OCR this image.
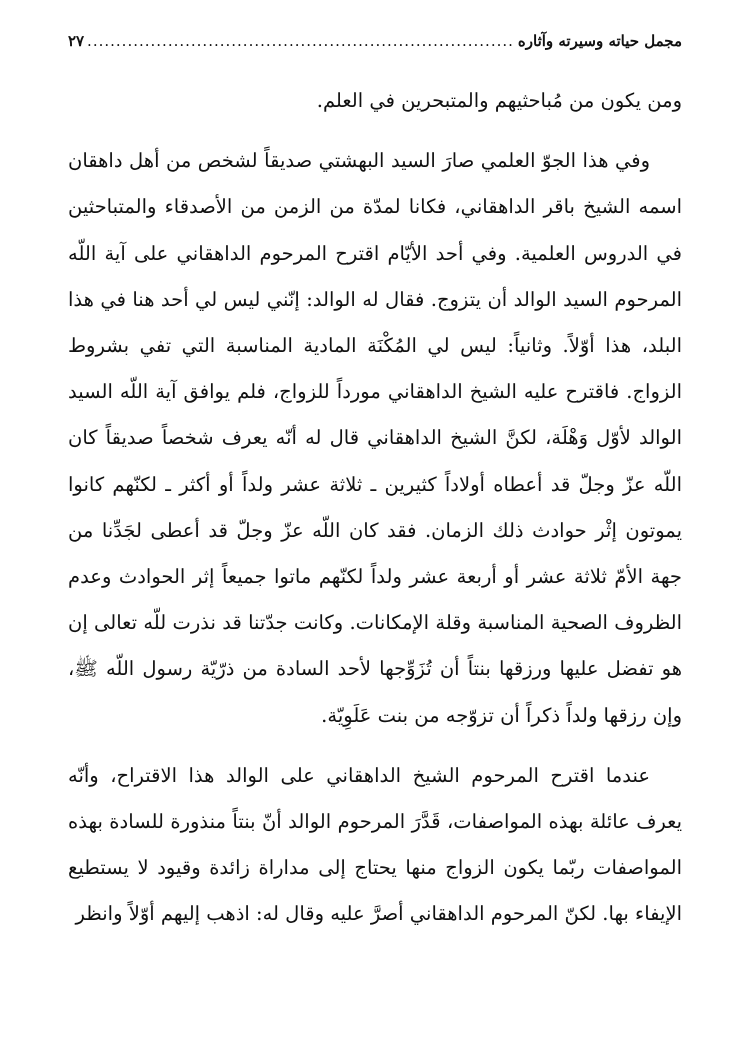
مجمل حياته وسيرته وآثاره
.....
٢٧

ومن يكون من مُباحثيهم والمتبحرين في العلم.

وفي هذا الجوّ العلمي صارَ السيد البهشتي صديقاً لشخص من أهل داهقان اسمه الشيخ باقر الداهقاني، فكانا لمدّة من الزمن من الأصدقاء والمتباحثين في الدروس العلمية. وفي أحد الأيّام اقترح المرحوم الداهقاني على آية اللّه المرحوم السيد الوالد أن يتزوج. فقال له الوالد: إنّني ليس لي أحد هنا في هذا البلد، هذا أوّلاً. وثانياً: ليس لي المُكْنَة المادية المناسبة التي تفي بشروط الزواج. فاقترح عليه الشيخ الداهقاني مورداً للزواج، فلم يوافق آية اللّه السيد الوالد لأوّل وَهْلَة، لكنَّ الشيخ الداهقاني قال له أنّه يعرف شخصاً صديقاً كان اللّه عزّ وجلّ قد أعطاه أولاداً كثيرين ـ ثلاثة عشر ولداً أو أكثر ـ لكنّهم كانوا يموتون إثْر حوادث ذلك الزمان. فقد كان اللّه عزّ وجلّ قد أعطى لجَدِّنا من جهة الأمّ ثلاثة عشر أو أربعة عشر ولداً لكنّهم ماتوا جميعاً إثر الحوادث وعدم الظروف الصحية المناسبة وقلة الإمكانات. وكانت جدّتنا قد نذرت للّه تعالى إن هو تفضل عليها ورزقها بنتاً أن تُزَوِّجها لأحد السادة من ذرّيّة رسول اللّه ﷺ، وإن رزقها ولداً ذكراً أن تزوّجه من بنت عَلَوِيّة.

عندما اقترح المرحوم الشيخ الداهقاني على الوالد هذا الاقتراح، وأنّه يعرف عائلة بهذه المواصفات، قَدَّرَ المرحوم الوالد أنّ بنتاً منذورة للسادة بهذه المواصفات ربّما يكون الزواج منها يحتاج إلى مداراة زائدة وقيود لا يستطيع الإيفاء بها. لكنّ المرحوم الداهقاني أصرَّ عليه وقال له: اذهب إليهم أوّلاً وانظر
